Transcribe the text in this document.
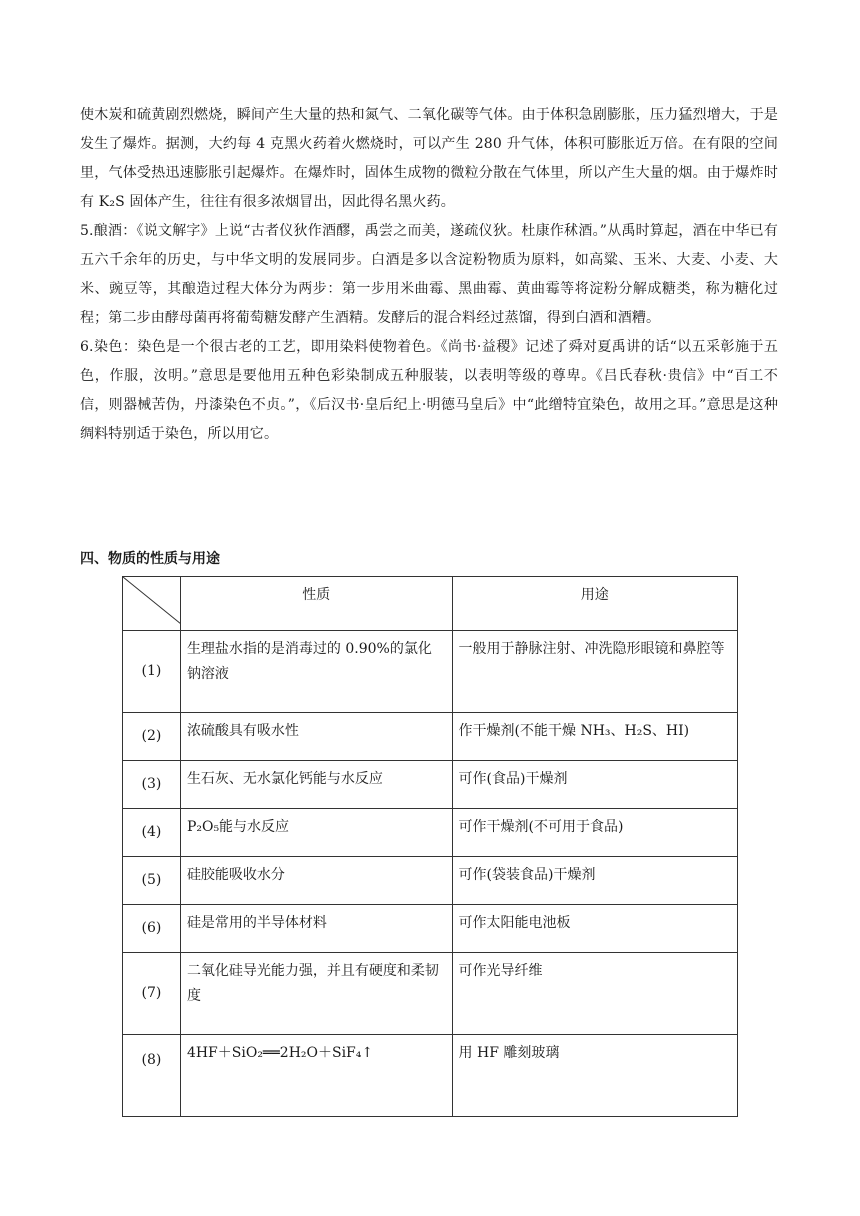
使木炭和硫黄剧烈燃烧，瞬间产生大量的热和氮气、二氧化碳等气体。由于体积急剧膨胀，压力猛烈增大，于是发生了爆炸。据测，大约每 4 克黑火药着火燃烧时，可以产生 280 升气体，体积可膨胀近万倍。在有限的空间里，气体受热迅速膨胀引起爆炸。在爆炸时，固体生成物的微粒分散在气体里，所以产生大量的烟。由于爆炸时有 K₂S 固体产生，往往有很多浓烟冒出，因此得名黑火药。

5.酿酒：《说文解字》上说“古者仪狄作酒醪，禹尝之而美，遂疏仪狄。杜康作秫酒。”从禹时算起，酒在中华已有五六千余年的历史，与中华文明的发展同步。白酒是多以含淀粉物质为原料，如高粱、玉米、大麦、小麦、大米、豌豆等，其酿造过程大体分为两步：第一步用米曲霉、黑曲霉、黄曲霉等将淀粉分解成糖类，称为糖化过程；第二步由酵母菌再将葡萄糖发酵产生酒精。发酵后的混合料经过蒸馏，得到白酒和酒糟。

6.染色：染色是一个很古老的工艺，即用染料使物着色。《尚书·益稷》记述了舜对夏禹讲的话“以五采彰施于五色，作服，汝明。”意思是要他用五种色彩染制成五种服装，以表明等级的尊卑。《吕氏春秋·贵信》中“百工不信，则器械苦伪，丹漆染色不贞。”，《后汉书·皇后纪上·明德马皇后》中“此缯特宜染色，故用之耳。”意思是这种绸料特别适于染色，所以用它。

四、物质的性质与用途
	性质	用途
(1)	生理盐水指的是消毒过的 0.90%的氯化钠溶液	一般用于静脉注射、冲洗隐形眼镜和鼻腔等

(2)	浓硫酸具有吸水性	作干燥剂(不能干燥 NH₃、H₂S、HI)

(3)	生石灰、无水氯化钙能与水反应	可作(食品)干燥剂

(4)	P₂O₅能与水反应	可作干燥剂(不可用于食品)

(5)	硅胶能吸收水分	可作(袋装食品)干燥剂

(6)	硅是常用的半导体材料	可作太阳能电池板

(7)	二氧化硅导光能力强，并且有硬度和柔韧度	可作光导纤维

(8)	4HF＋SiO₂══2H₂O＋SiF₄↑	用 HF 雕刻玻璃
